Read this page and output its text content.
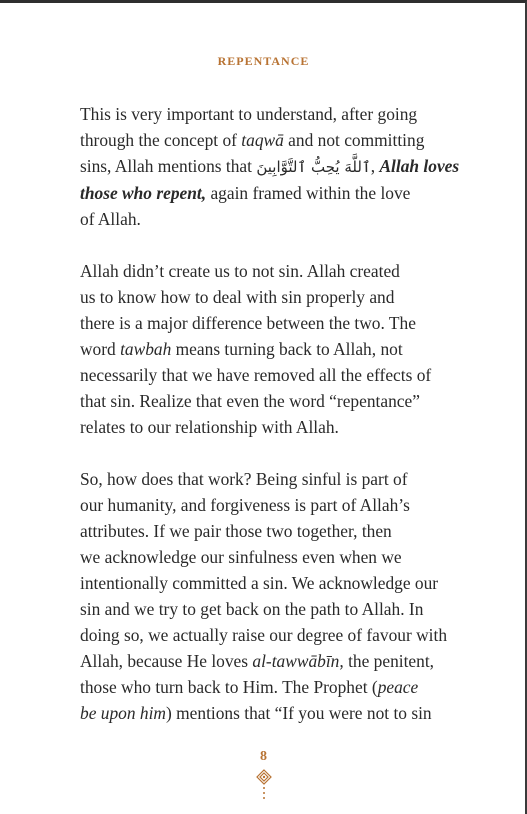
REPENTANCE
This is very important to understand, after going
through the concept of taqwā and not committing
sins, Allah mentions that ٱللَّهَ يُحِبُّ ٱلتَّوَّابِينَ, Allah loves
those who repent, again framed within the love
of Allah.
Allah didn’t create us to not sin. Allah created
us to know how to deal with sin properly and
there is a major difference between the two. The
word tawbah means turning back to Allah, not
necessarily that we have removed all the effects of
that sin. Realize that even the word “repentance”
relates to our relationship with Allah.
So, how does that work? Being sinful is part of
our humanity, and forgiveness is part of Allah’s
attributes. If we pair those two together, then
we acknowledge our sinfulness even when we
intentionally committed a sin. We acknowledge our
sin and we try to get back on the path to Allah. In
doing so, we actually raise our degree of favour with
Allah, because He loves al-tawwābīn, the penitent,
those who turn back to Him. The Prophet (peace
be upon him) mentions that “If you were not to sin
8
